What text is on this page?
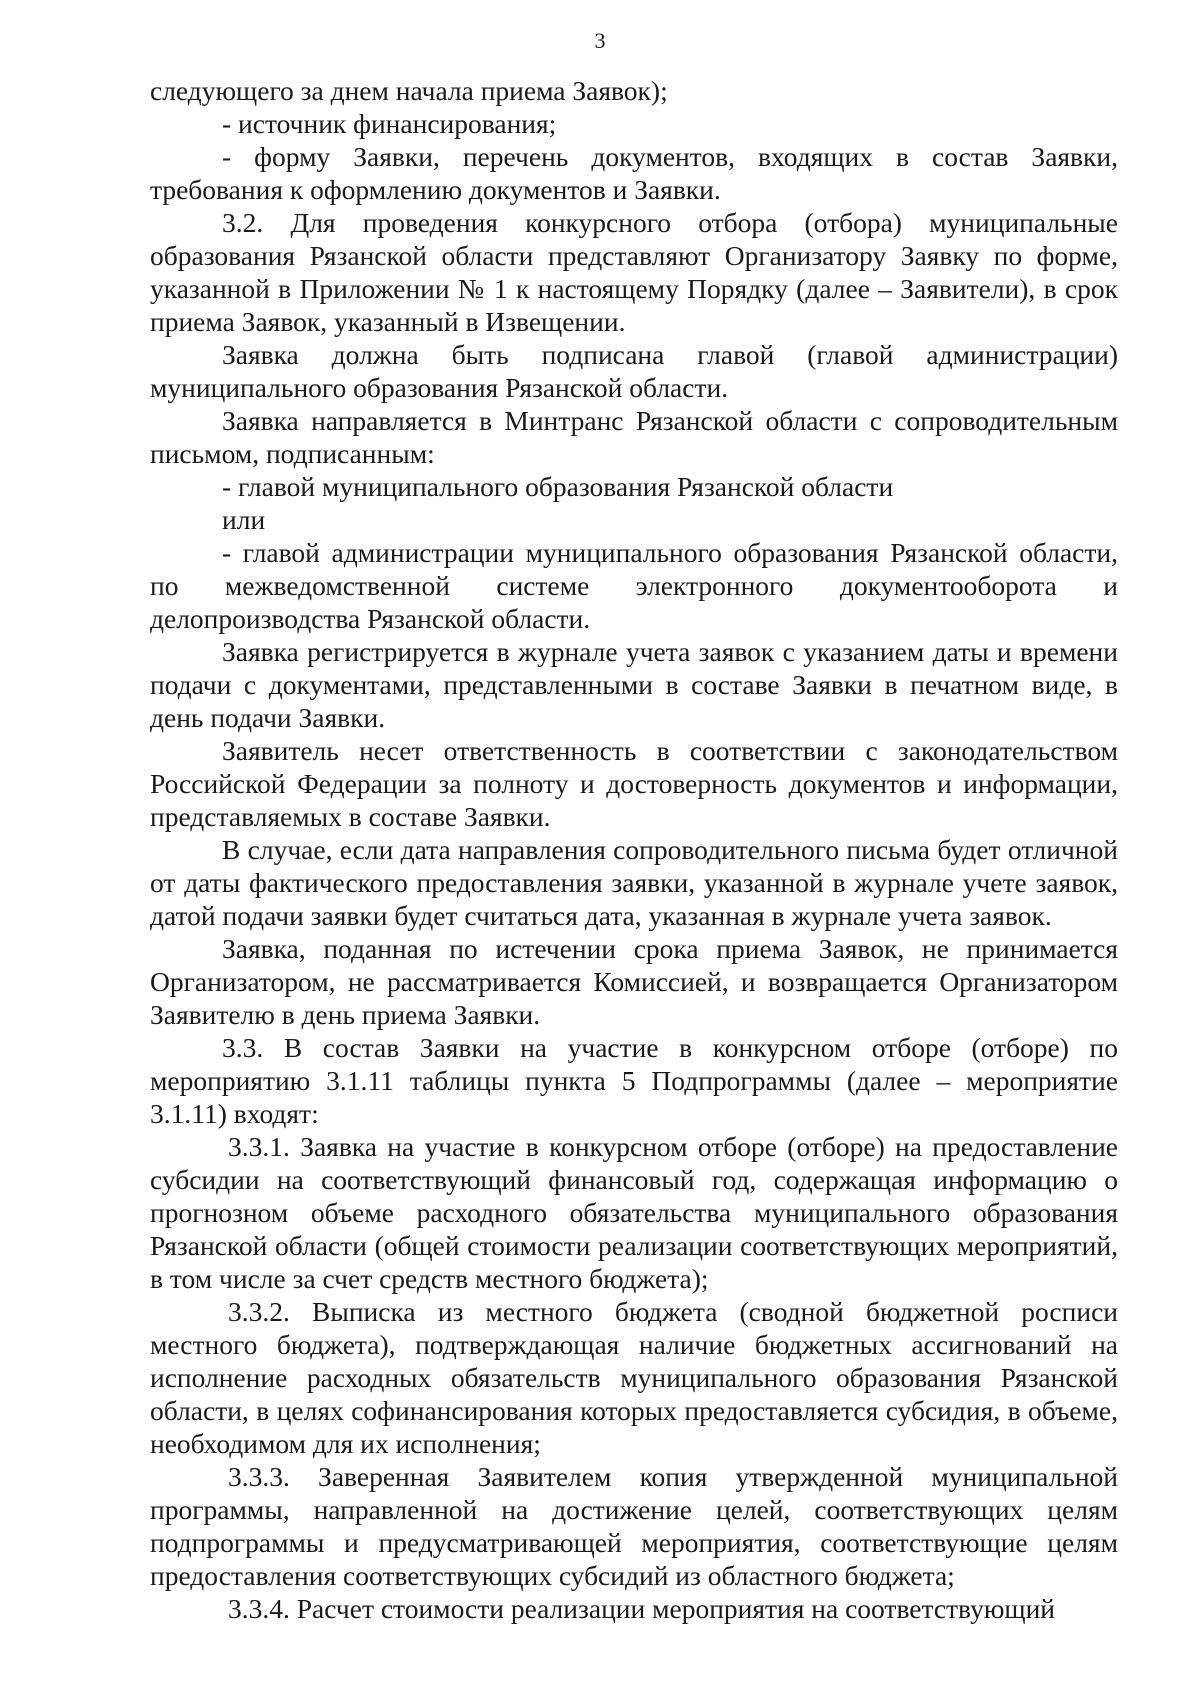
3

следующего за днем начала приема Заявок);

- источник финансирования;

- форму Заявки, перечень документов, входящих в состав Заявки, требования к оформлению документов и Заявки.

3.2. Для проведения конкурсного отбора (отбора) муниципальные образования Рязанской области представляют Организатору Заявку по форме, указанной в Приложении № 1 к настоящему Порядку (далее – Заявители), в срок приема Заявок, указанный в Извещении.

Заявка должна быть подписана главой (главой администрации) муниципального образования Рязанской области.

Заявка направляется в Минтранс Рязанской области с сопроводительным письмом, подписанным:

- главой муниципального образования Рязанской области

или

- главой администрации муниципального образования Рязанской области, по межведомственной системе электронного документооборота и делопроизводства Рязанской области.

Заявка регистрируется в журнале учета заявок с указанием даты и времени подачи с документами, представленными в составе Заявки в печатном виде, в день подачи Заявки.

Заявитель несет ответственность в соответствии с законодательством Российской Федерации за полноту и достоверность документов и информации, представляемых в составе Заявки.

В случае, если дата направления сопроводительного письма будет отличной от даты фактического предоставления заявки, указанной в журнале учете заявок, датой подачи заявки будет считаться дата, указанная в журнале учета заявок.

Заявка, поданная по истечении срока приема Заявок, не принимается Организатором, не рассматривается Комиссией, и возвращается Организатором Заявителю в день приема Заявки.

3.3. В состав Заявки на участие в конкурсном отборе (отборе) по мероприятию 3.1.11 таблицы пункта 5 Подпрограммы (далее – мероприятие 3.1.11) входят:

3.3.1. Заявка на участие в конкурсном отборе (отборе) на предоставление субсидии на соответствующий финансовый год, содержащая информацию о прогнозном объеме расходного обязательства муниципального образования Рязанской области (общей стоимости реализации соответствующих мероприятий, в том числе за счет средств местного бюджета);

3.3.2. Выписка из местного бюджета (сводной бюджетной росписи местного бюджета), подтверждающая наличие бюджетных ассигнований на исполнение расходных обязательств муниципального образования Рязанской области, в целях софинансирования которых предоставляется субсидия, в объеме, необходимом для их исполнения;

3.3.3. Заверенная Заявителем копия утвержденной муниципальной программы, направленной на достижение целей, соответствующих целям подпрограммы и предусматривающей мероприятия, соответствующие целям предоставления соответствующих субсидий из областного бюджета;

3.3.4. Расчет стоимости реализации мероприятия на соответствующий
